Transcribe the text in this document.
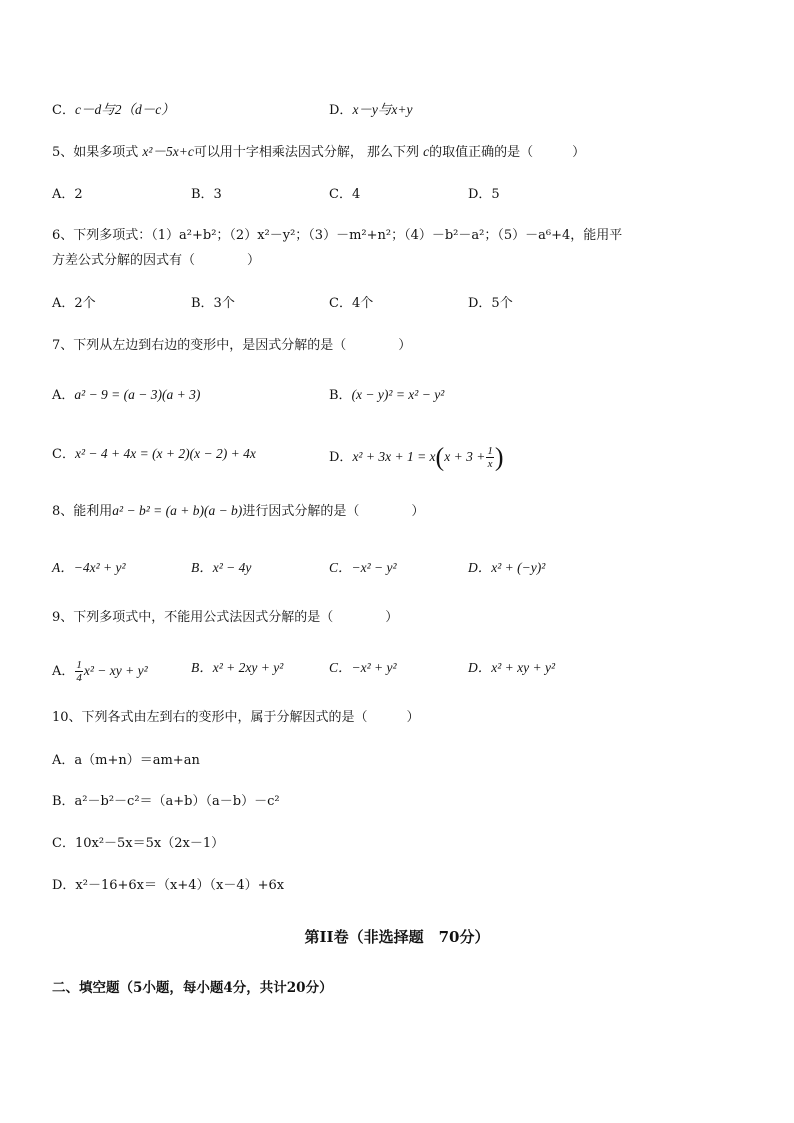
C．c－d与2（d－c）	D．x－y与x+y
5、如果多项式 x²－5x+c可以用十字相乘法因式分解， 那么下列 c的取值正确的是（　　　）
A．2	B．3	C．4	D．5
6、下列多项式：（1）a²+b²；（2）x²－y²；（3）－m²+n²；（4）－b²－a²；（5）－a⁶+4，能用平
方差公式分解的因式有（　　　　）
A．2个	B．3个	C．4个	D．5个
7、下列从左边到右边的变形中，是因式分解的是（　　　　）
A．a² − 9 = (a − 3)(a + 3)	B．(x − y)² = x² − y²
C．x² − 4 + 4x = (x + 2)(x − 2) + 4x	D．$x^2 + 3x + 1 = x(x + 3 + \frac{1}{x}$ )
8、能利用a² − b² = (a + b)(a − b)进行因式分解的是（　　　　）
A．−4x² + y²	B．x² − 4y	C．−x² − y²	D．x² + (−y)²
9、下列多项式中，不能用公式法因式分解的是（　　　　）
A． $\frac{1}{4} x^2$ − xy + y²	B．x² + 2xy + y²	C．−x² + y²	D．x² + xy + y²
10、下列各式由左到右的变形中，属于分解因式的是（　　　）
A．a（m+n）＝am+an
B．a²－b²－c²＝（a+b）（a－b）－c²
C．10x²－5x＝5x（2x－1）
D．x²－16+6x＝（x+4）（x－4）+6x
第II卷（非选择题　70分）
二、填空题（5小题，每小题4分，共计20分）
